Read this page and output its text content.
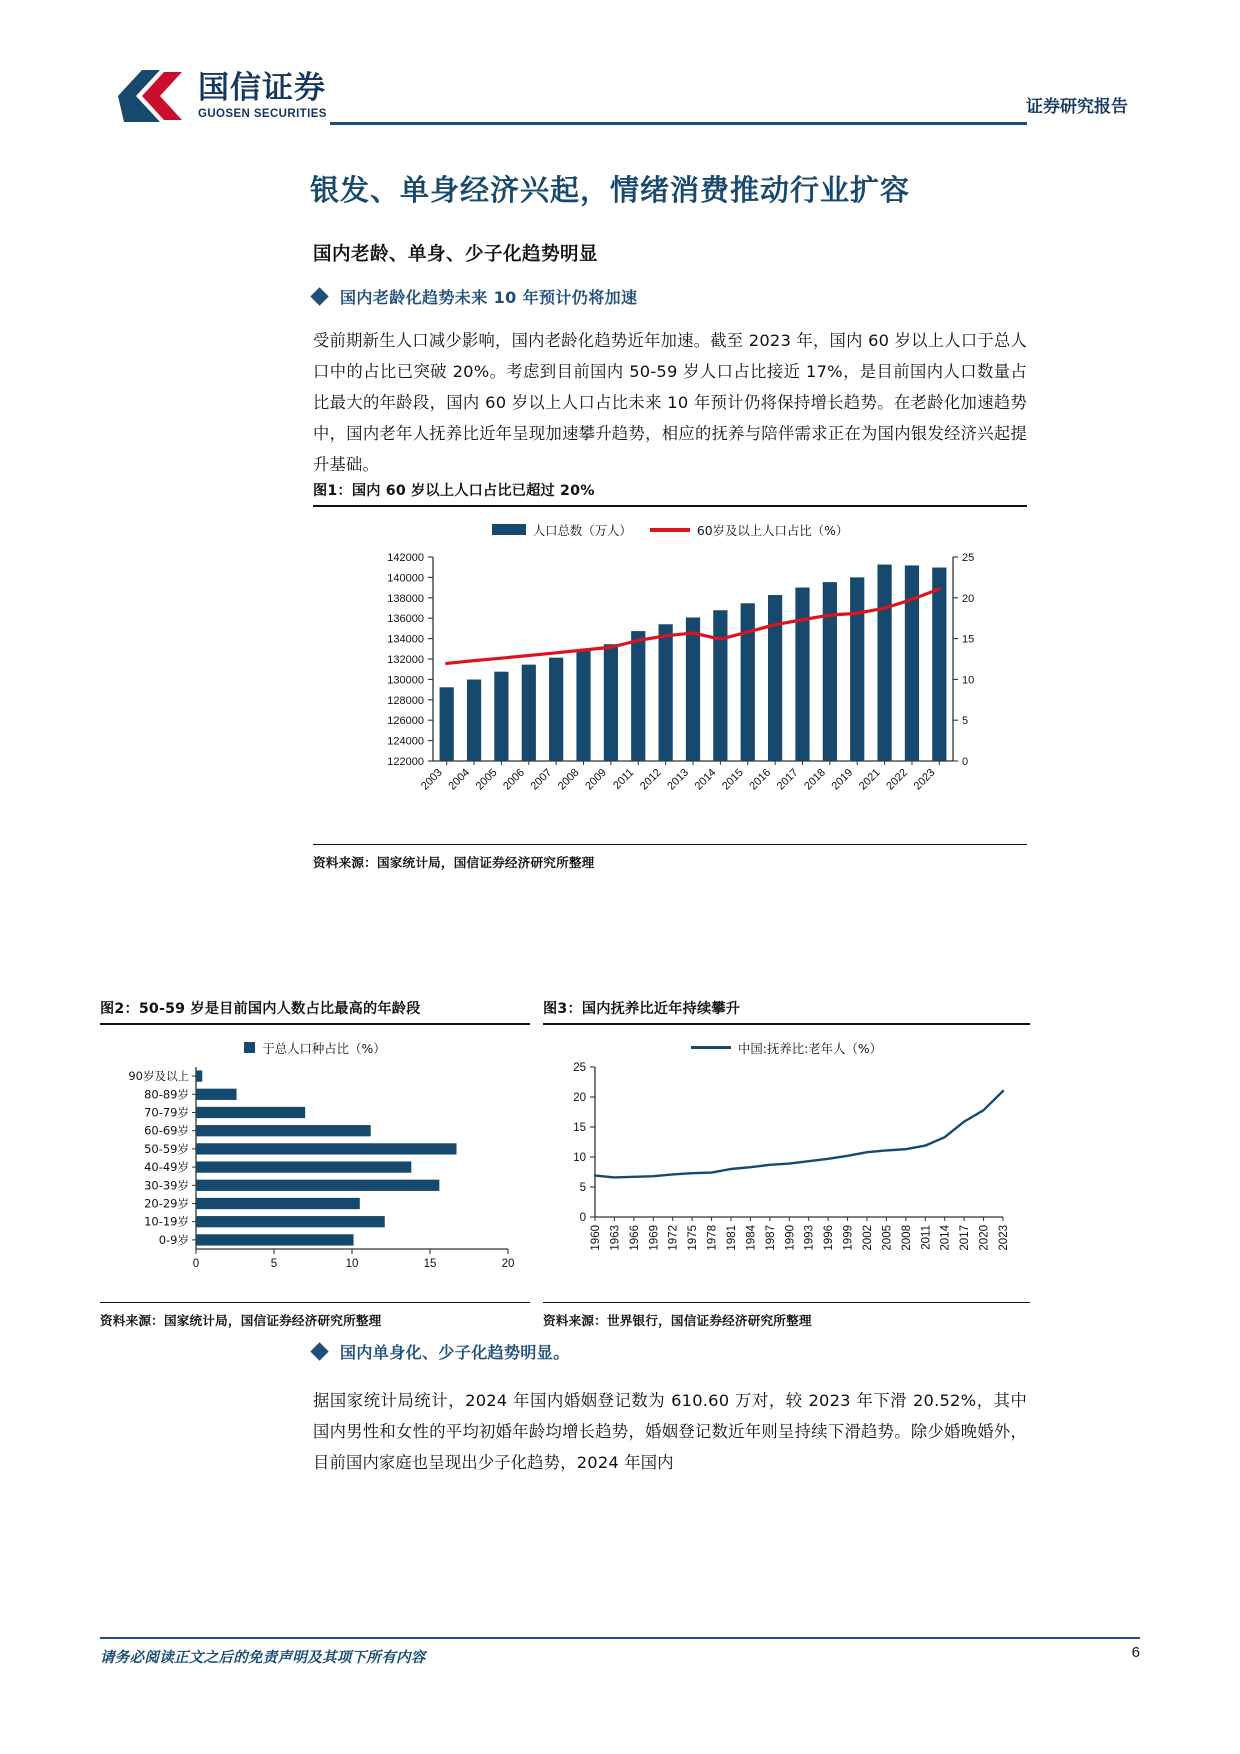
国信证券
GUOSEN SECURITIES	证券研究报告
银发、单身经济兴起，情绪消费推动行业扩容
国内老龄、单身、少子化趋势明显
国内老龄化趋势未来 10 年预计仍将加速
受前期新生人口减少影响，国内老龄化趋势近年加速。截至 2023 年，国内 60 岁以上人口于总人口中的占比已突破 20%。考虑到目前国内 50-59 岁人口占比接近 17%，是目前国内人口数量占比最大的年龄段，国内 60 岁以上人口占比未来 10 年预计仍将保持增长趋势。在老龄化加速趋势中，国内老年人抚养比近年呈现加速攀升趋势，相应的抚养与陪伴需求正在为国内银发经济兴起提升基础。
图1：国内 60 岁以上人口占比已超过 20%
人口总数（万人）	60岁及以上人口占比（%）
122000
124000
126000
128000
130000
132000
134000
136000
138000
140000
142000
0
5
10
15
20
25
2003 2004 2005 2006 2007 2008 2009 2011 2012 2013 2014 2015 2016 2017 2018 2019 2021 2022 2023
资料来源：国家统计局，国信证券经济研究所整理
图2：50-59 岁是目前国内人数占比最高的年龄段
于总人口种占比（%）
0	5	10	15	20
90岁及以上
80-89岁
70-79岁
60-69岁
50-59岁
40-49岁
30-39岁
20-29岁
10-19岁
0-9岁
资料来源：国家统计局，国信证券经济研究所整理
图3：国内抚养比近年持续攀升
中国:抚养比:老年人（%）
0
5
10
15
20
25
1960 1963 1966 1969 1972 1975 1978 1981 1984 1987 1990 1993 1996 1999 2002 2005 2008 2011 2014 2017 2020 2023
资料来源：世界银行，国信证券经济研究所整理
国内单身化、少子化趋势明显。
据国家统计局统计，2024 年国内婚姻登记数为 610.60 万对，较 2023 年下滑 20.52%，其中国内男性和女性的平均初婚年龄均增长趋势，婚姻登记数近年则呈持续下滑趋势。除少婚晚婚外，目前国内家庭也呈现出少子化趋势，2024 年国内
请务必阅读正文之后的免责声明及其项下所有内容	6
